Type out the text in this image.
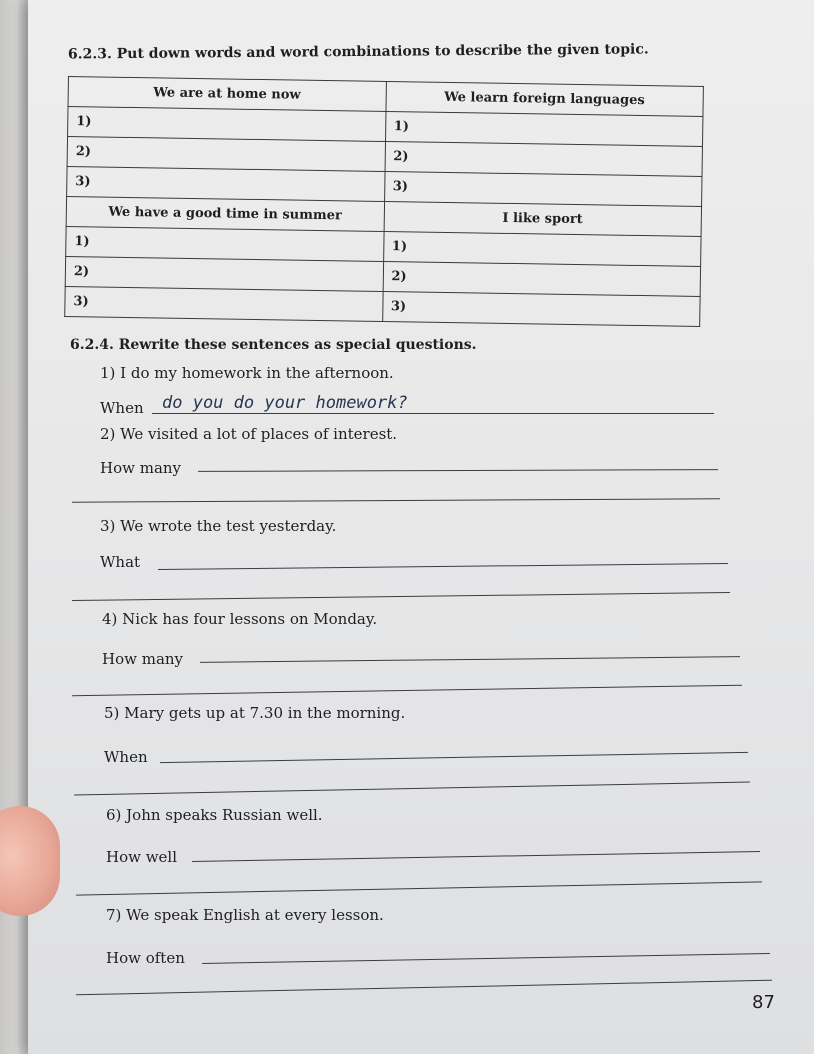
6.2.3. Put down words and word combinations to describe the given topic.
We are at home now	We learn foreign languages
1)	1)
2)	2)
3)	3)
We have a good time in summer	I like sport
1)	1)
2)	2)
3)	3)
6.2.4. Rewrite these sentences as special questions.
1) I do my homework in the afternoon.
When do you do your homework?
2) We visited a lot of places of interest.
How many
3) We wrote the test yesterday.
What
4) Nick has four lessons on Monday.
How many
5) Mary gets up at 7.30 in the morning.
When
6) John speaks Russian well.
How well
7) We speak English at every lesson.
How often
87
